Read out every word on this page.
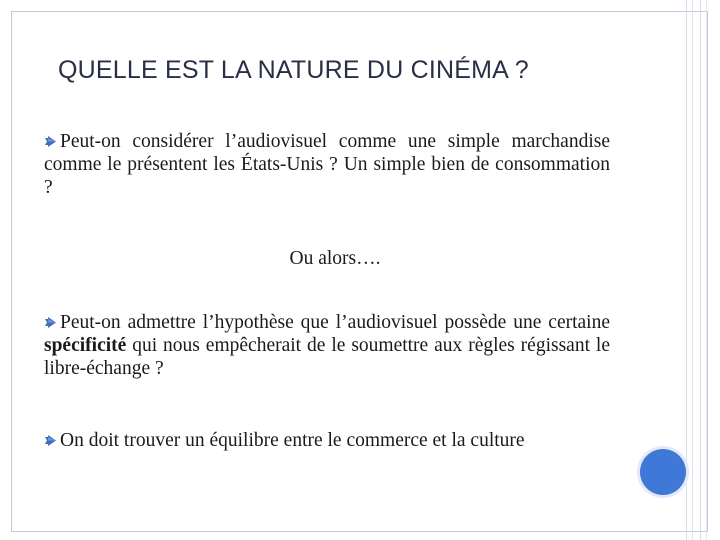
QUELLE EST LA NATURE DU CINÉMA ?
Peut-on considérer l’audiovisuel comme une simple marchandise comme le présentent les États-Unis ? Un simple bien de consommation ?
Ou alors….
Peut-on admettre l’hypothèse que l’audiovisuel possède une certaine spécificité qui nous empêcherait de le soumettre aux règles régissant le libre-échange ?
On doit trouver un équilibre entre le commerce et la culture
